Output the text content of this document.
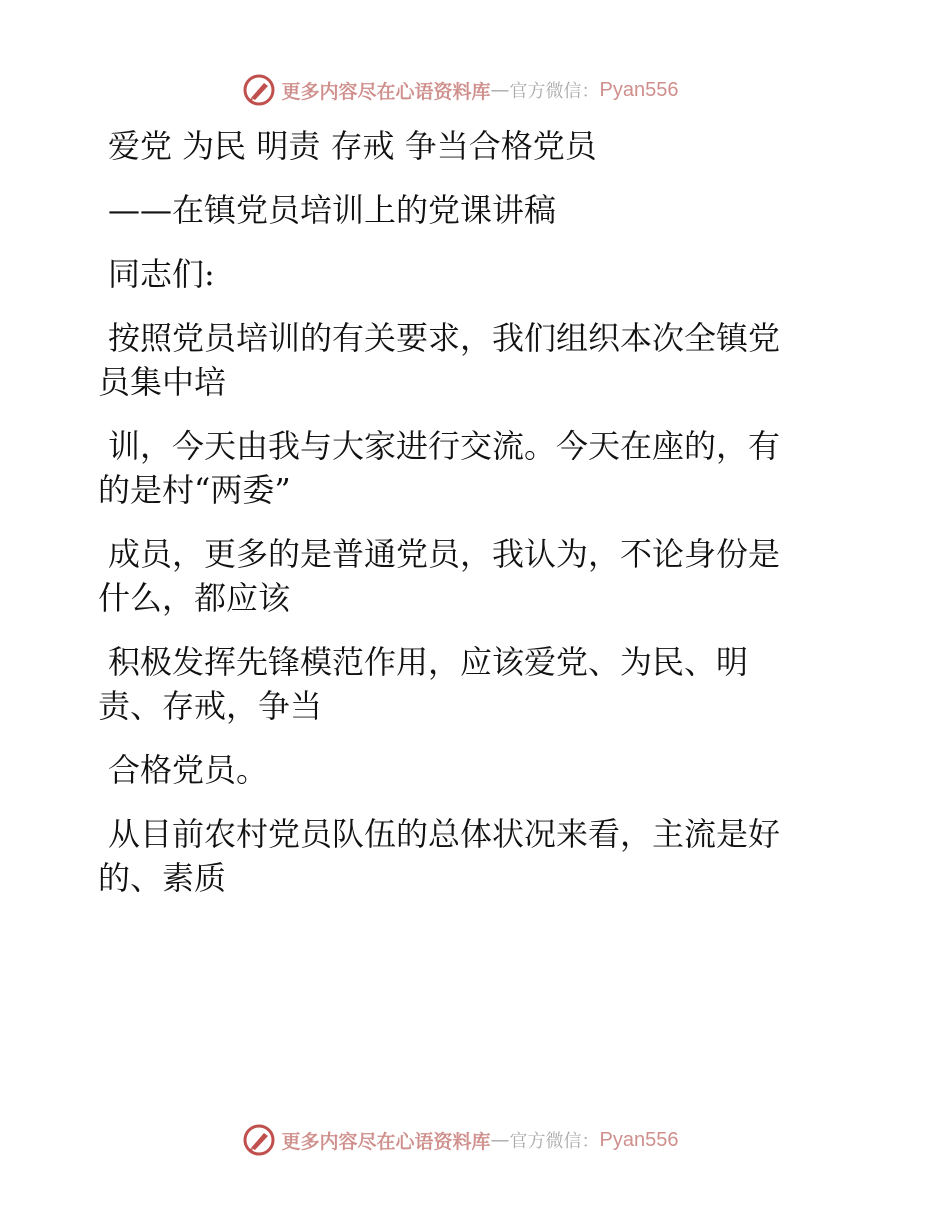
更多内容尽在心语资料库 — 官方微信： Pyan556

爱党 为民 明责 存戒 争当合格党员

——在镇党员培训上的党课讲稿

同志们:

按照党员培训的有关要求，我们组织本次全镇党
员集中培
训，今天由我与大家进行交流。今天在座的，有
的是村“两委”
成员，更多的是普通党员，我认为，不论身份是
什么，都应该
积极发挥先锋模范作用，应该爱党、为民、明
责、存戒，争当
合格党员。
从目前农村党员队伍的总体状况来看，主流是好
的、素质
更多内容尽在心语资料库 — 官方微信： Pyan556
